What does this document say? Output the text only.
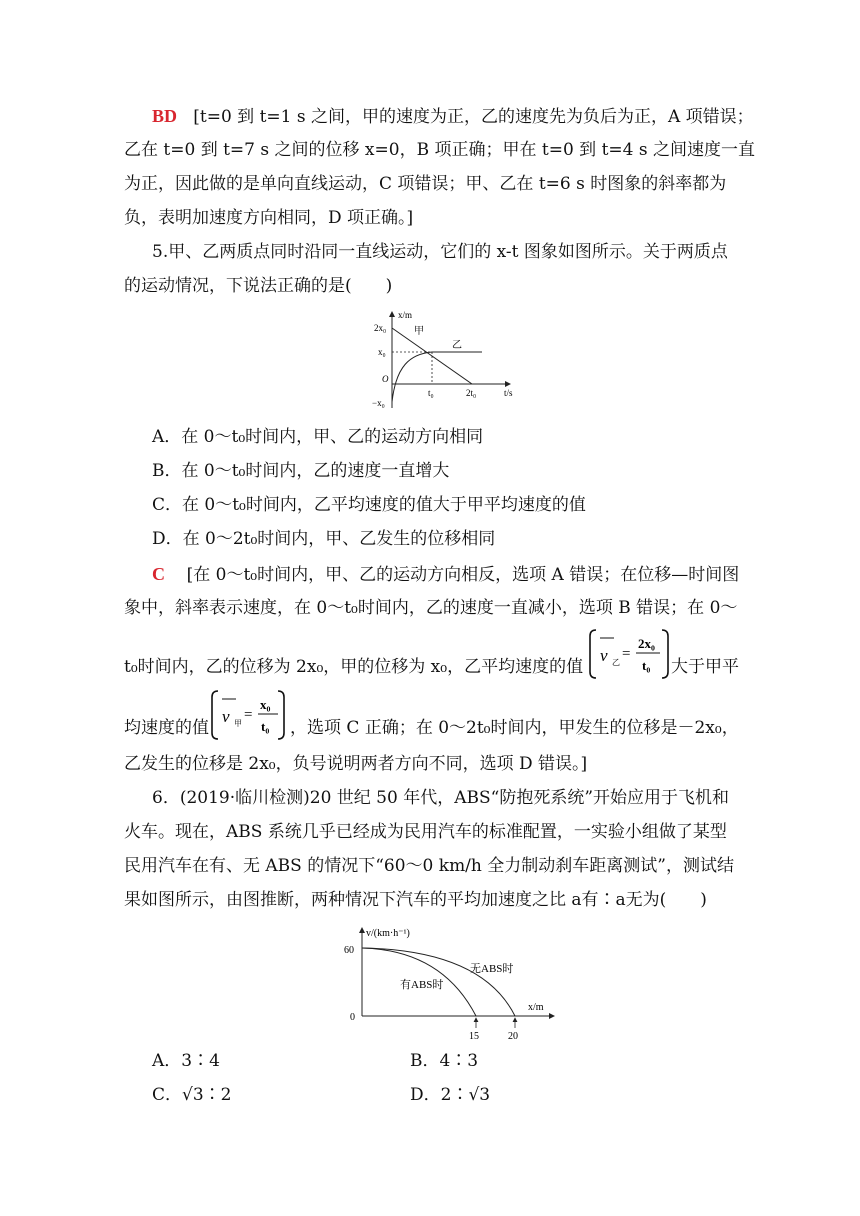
BD [t=0 到 t=1 s 之间，甲的速度为正，乙的速度先为负后为正，A 项错误；
乙在 t=0 到 t=7 s 之间的位移 x=0，B 项正确；甲在 t=0 到 t=4 s 之间速度一直
为正，因此做的是单向直线运动，C 项错误；甲、乙在 t=6 s 时图象的斜率都为
负，表明加速度方向相同，D 项正确。]
5.甲、乙两质点同时沿同一直线运动，它们的 x-t 图象如图所示。关于两质点
的运动情况，下说法正确的是(　　)
x/m
甲
乙
2x₀
x₀
−x₀
O
t₀	2t₀	t/s
A．在 0～t₀时间内，甲、乙的运动方向相同
B．在 0～t₀时间内，乙的速度一直增大
C．在 0～t₀时间内，乙平均速度的值大于甲平均速度的值
D．在 0～2t₀时间内，甲、乙发生的位移相同
C [在 0～t₀时间内，甲、乙的运动方向相反，选项 A 错误；在位移—时间图
象中，斜率表示速度，在 0～t₀时间内，乙的速度一直减小，选项 B 错误；在 0～
t₀时间内，乙的位移为 2x₀，甲的位移为 x₀，乙平均速度的值
v 乙
=
2x₀
t₀ 大于甲平
均速度的值
v 甲
=
x₀
t₀ ，选项 C 正确；在 0～2t₀时间内，甲发生的位移是－2x₀，
乙发生的位移是 2x₀，负号说明两者方向不同，选项 D 错误。]
6．(2019·临川检测)20 世纪 50 年代，ABS“防抱死系统”开始应用于飞机和
火车。现在，ABS 系统几乎已经成为民用汽车的标准配置，一实验小组做了某型
民用汽车在有、无 ABS 的情况下“60～0 km/h 全力制动刹车距离测试”，测试结
果如图所示，由图推断，两种情况下汽车的平均加速度之比 a有∶a无为(　　)
v/(km·h⁻¹)
60
0
无ABS时
有ABS时
x/m
15	20
A．3∶4	B．4∶3
C．√3∶2	D．2∶√3
